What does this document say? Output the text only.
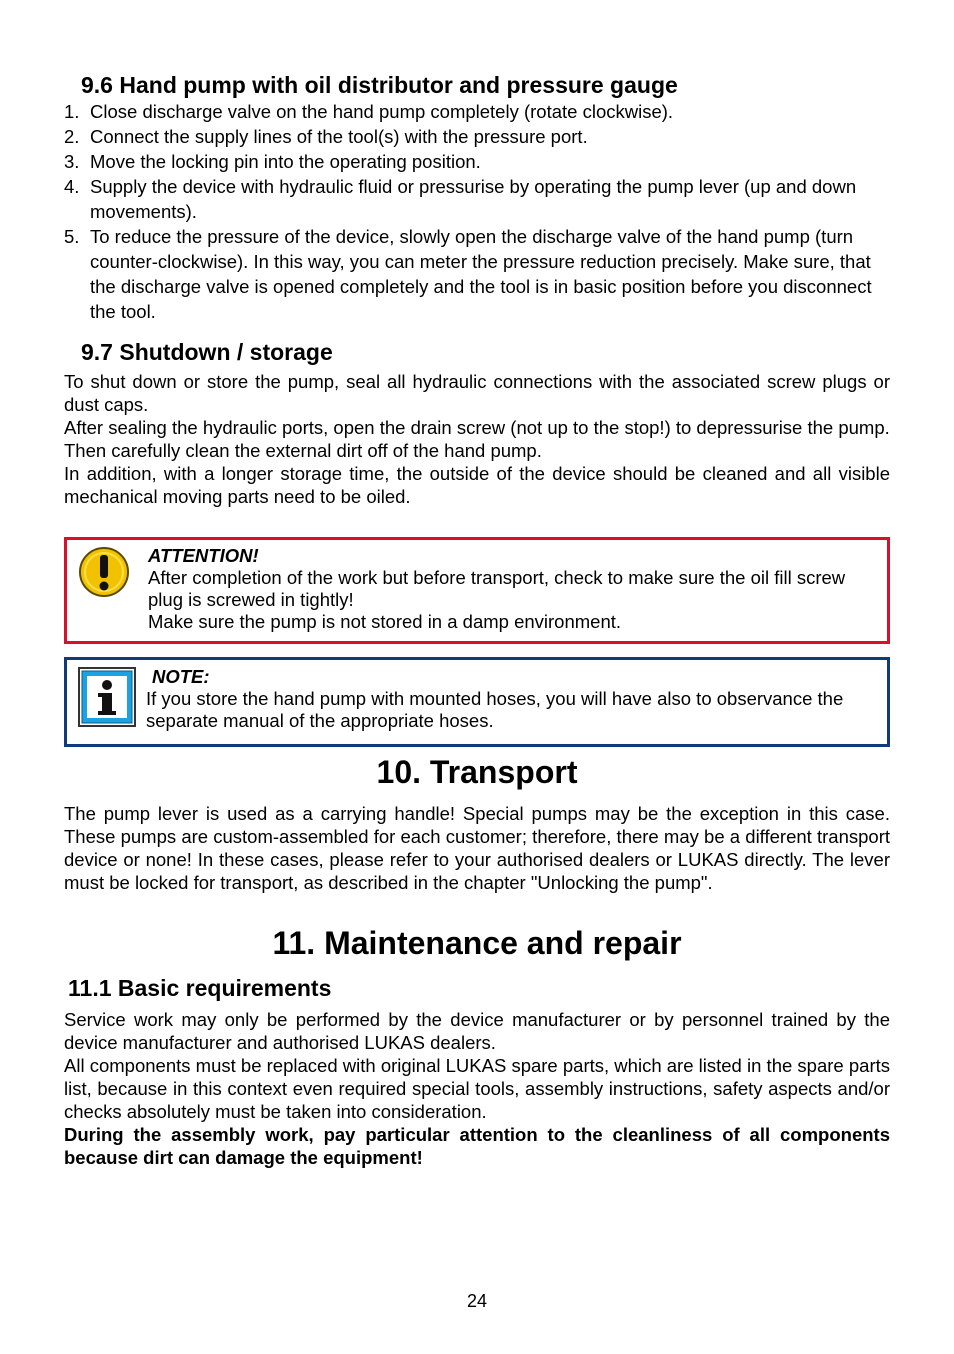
9.6 Hand pump with oil distributor and pressure gauge
1. Close discharge valve on the hand pump completely (rotate clockwise).
2. Connect the supply lines of the tool(s) with the pressure port.
3. Move the locking pin into the operating position.
4. Supply the device with hydraulic fluid or pressurise by operating the pump lever (up and down movements).
5. To reduce the pressure of the device, slowly open the discharge valve of the hand pump (turn counter-clockwise). In this way, you can meter the pressure reduction precisely. Make sure, that the discharge valve is opened completely and the tool is in basic position before you disconnect the tool.
9.7 Shutdown / storage

To shut down or store the pump, seal all hydraulic connections with the associated screw plugs or dust caps.

After sealing the hydraulic ports, open the drain screw (not up to the stop!) to depressurise the pump.

Then carefully clean the external dirt off of the hand pump.

In addition, with a longer storage time, the outside of the device should be cleaned and all visible mechanical moving parts need to be oiled.

ATTENTION!
After completion of the work but before transport, check to make sure the oil fill screw plug is screwed in tightly!
Make sure the pump is not stored in a damp environment.
NOTE:
If you store the hand pump with mounted hoses, you will have also to observance the separate manual of the appropriate hoses.
10. Transport

The pump lever is used as a carrying handle! Special pumps may be the exception in this case. These pumps are custom-assembled for each customer; therefore, there may be a different transport device or none! In these cases, please refer to your authorised dealers or LUKAS directly. The lever must be locked for transport, as described in the chapter "Unlocking the pump".

11. Maintenance and repair
11.1 Basic requirements

Service work may only be performed by the device manufacturer or by personnel trained by the device manufacturer and authorised LUKAS dealers.

All components must be replaced with original LUKAS spare parts, which are listed in the spare parts list, because in this context even required special tools, assembly instructions, safety aspects and/or checks absolutely must be taken into consideration.

During the assembly work, pay particular attention to the cleanliness of all components because dirt can damage the equipment!

24
